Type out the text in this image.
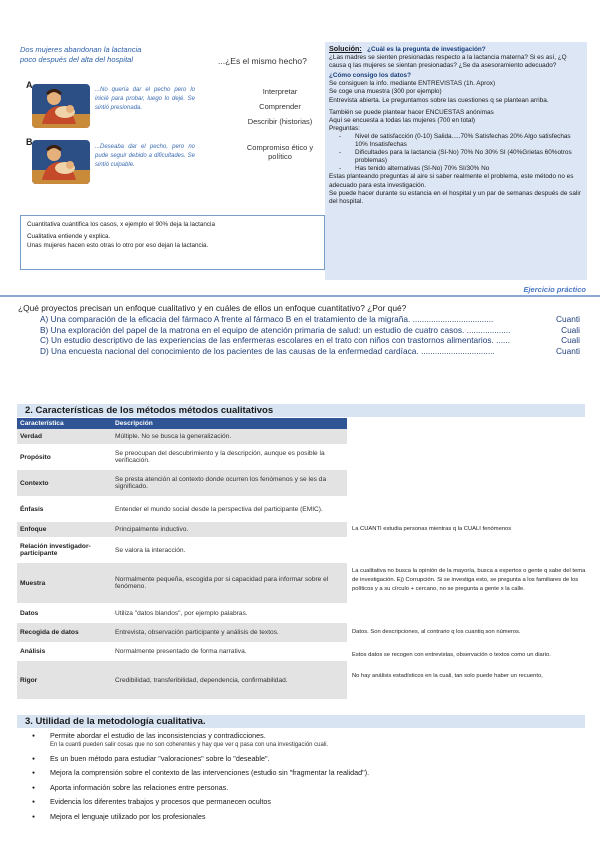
Dos mujeres abandonan la lactancia
poco después del alta del hospital	...¿Es el mismo hecho?
A	...No quería dar el pecho pero lo inicié para probar, luego lo dejé. Se sintió presionada.
B	...Deseaba dar el pecho, pero no pude seguir debido a dificultades. Se sintió culpable.
Interpretar
Comprender
Describir (historias)
Compromiso ético y político
Cuantitativa cuantifica los casos, x ejemplo el 90% deja la lactancia
Cualitativa entiende y explica.
Unas mujeres hacen esto otras lo otro por eso dejan la lactancia.
Solución: ¿Cuál es la pregunta de investigación?
¿Las madres se sienten presionadas respecto a la lactancia materna? Si es así, ¿Q causa q las mujeres se sientan presionadas? ¿Se da asesoramiento adecuado?
¿Cómo consigo los datos?
Se consiguen la info. mediante ENTREVISTAS (1h. Aprox)
Se coge una muestra (300 por ejemplo)
Entrevista abierta. Le preguntamos sobre las cuestiones q se plantean arriba.
También se puede plantear hacer ENCUESTAS anónimas
Aquí se encuesta a todas las mujeres (700 en total)
Preguntas:
- Nivel de satisfacción (0-10) Salida.....70% Satisfechas 20% Algo satisfechas 10% Insatisfechas
- Dificultades para la lactancia (SI-No) 70% No 30% SI (40%Grietas 60%otros problemas)
- Has tenido alternativas (SI-No) 70% SI/30% No
Estas planteando preguntas al aire si saber realmente el problema, este método no es adecuado para esta investigación.
Se puede hacer durante su estancia en el hospital y un par de semanas después de salir del hospital.
Ejercicio práctico
¿Qué proyectos precisan un enfoque cualitativo y en cuáles de ellos un enfoque cuantitativo? ¿Por qué?
A) Una comparación de la eficacia del fármaco A frente al fármaco B en el tratamiento de la migraña. ...................................	Cuanti
B) Una exploración del papel de la matrona en el equipo de atención primaria de salud: un estudio de cuatro casos. ...................	Cuali
C) Un estudio descriptivo de las experiencias de las enfermeras escolares en el trato con niños con trastornos alimentarios. ......	Cuali
D) Una encuesta nacional del conocimiento de los pacientes de las causas de la enfermedad cardíaca. ................................	Cuanti
2. Características de los métodos métodos cualitativos
Característica	Descripción
Verdad	Múltiple. No se busca la generalización.
Propósito	Se preocupan del descubrimiento y la descripción, aunque es posible la verificación.
Contexto	Se presta atención al contexto donde ocurren los fenómenos y se les da significado.
Énfasis	Entender el mundo social desde la perspectiva del participante (EMIC).
Enfoque	Principalmente inductivo.
Relación investigador-participante	Se valora la interacción.
Muestra	Normalmente pequeña, escogida por si capacidad para informar sobre el fenómeno.
Datos	Utiliza "datos blandos", por ejemplo palabras.
Recogida de datos	Entrevista, observación participante y análisis de textos.
Análisis	Normalmente presentado de forma narrativa.
Rigor	Credibilidad, transferibilidad, dependencia, confirmabilidad.
La CUANTI estudia personas mientras q la CUALI fenómenos
La cualitativa no busca la opinión de la mayoría, busca a expertos o gente q sabe del tema de investigación. Ej) Corrupción. Si se investiga esto, se pregunta a los familiares de los políticos y a su círculo + cercano, no se pregunta a gente x la calle.
Datos. Son descripciones, al contrario q los cuantiq son números.
Estos datos se recogen con entrevistas, observación o textos como un diario.
No hay análisis estadísticos en la cuali, tan solo puede haber un recuento,
3. Utilidad de la metodología cualitativa.
● Permite abordar el estudio de las inconsistencias y contradicciones.
En la cuanti pueden salir cosas que no son coherentes y hay que ver q pasa con una investigación cuali.
● Es un buen método para estudiar "valoraciones" sobre lo "deseable".
● Mejora la comprensión sobre el contexto de las intervenciones (estudio sin "fragmentar la realidad").
● Aporta información sobre las relaciones entre personas.
● Evidencia los diferentes trabajos y procesos que permanecen ocultos
● Mejora el lenguaje utilizado por los profesionales
